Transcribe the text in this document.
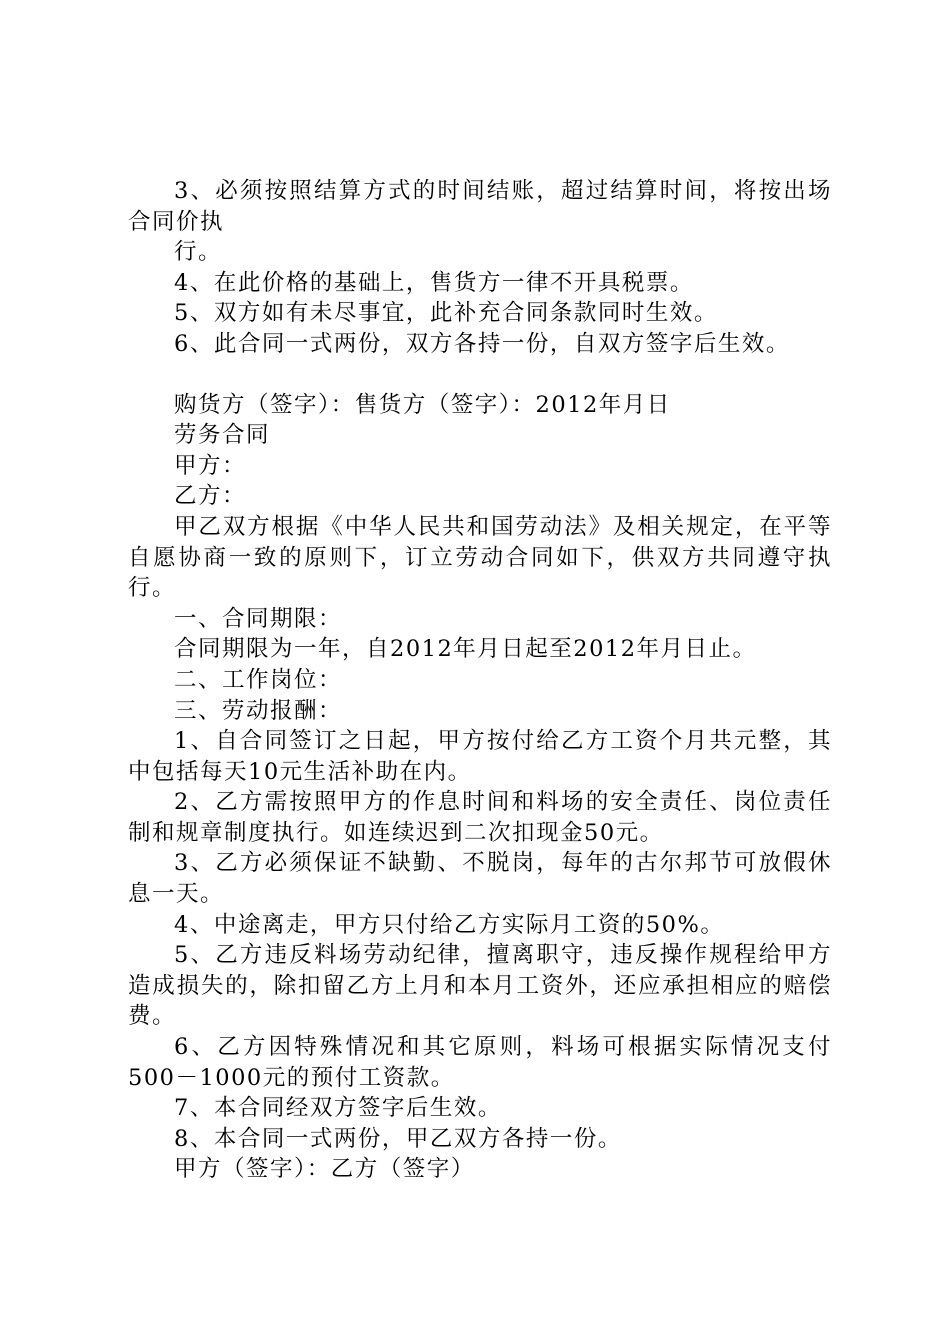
3、必须按照结算方式的时间结账，超过结算时间，将按出场合同价执

行。

4、在此价格的基础上，售货方一律不开具税票。

5、双方如有未尽事宜，此补充合同条款同时生效。

6、此合同一式两份，双方各持一份，自双方签字后生效。

购货方（签字）：售货方（签字）：2012年月日

劳务合同

甲方：

乙方：

甲乙双方根据《中华人民共和国劳动法》及相关规定，在平等自愿协商一致的原则下，订立劳动合同如下，供双方共同遵守执行。

一、合同期限：

合同期限为一年，自2012年月日起至2012年月日止。

二、工作岗位：

三、劳动报酬：

1、自合同签订之日起，甲方按付给乙方工资个月共元整，其中包括每天10元生活补助在内。

2、乙方需按照甲方的作息时间和料场的安全责任、岗位责任制和规章制度执行。如连续迟到二次扣现金50元。

3、乙方必须保证不缺勤、不脱岗，每年的古尔邦节可放假休息一天。

4、中途离走，甲方只付给乙方实际月工资的50%。

5、乙方违反料场劳动纪律，擅离职守，违反操作规程给甲方造成损失的，除扣留乙方上月和本月工资外，还应承担相应的赔偿费。

6、乙方因特殊情况和其它原则，料场可根据实际情况支付500－1000元的预付工资款。

7、本合同经双方签字后生效。

8、本合同一式两份，甲乙双方各持一份。

甲方（签字）：乙方（签字）
